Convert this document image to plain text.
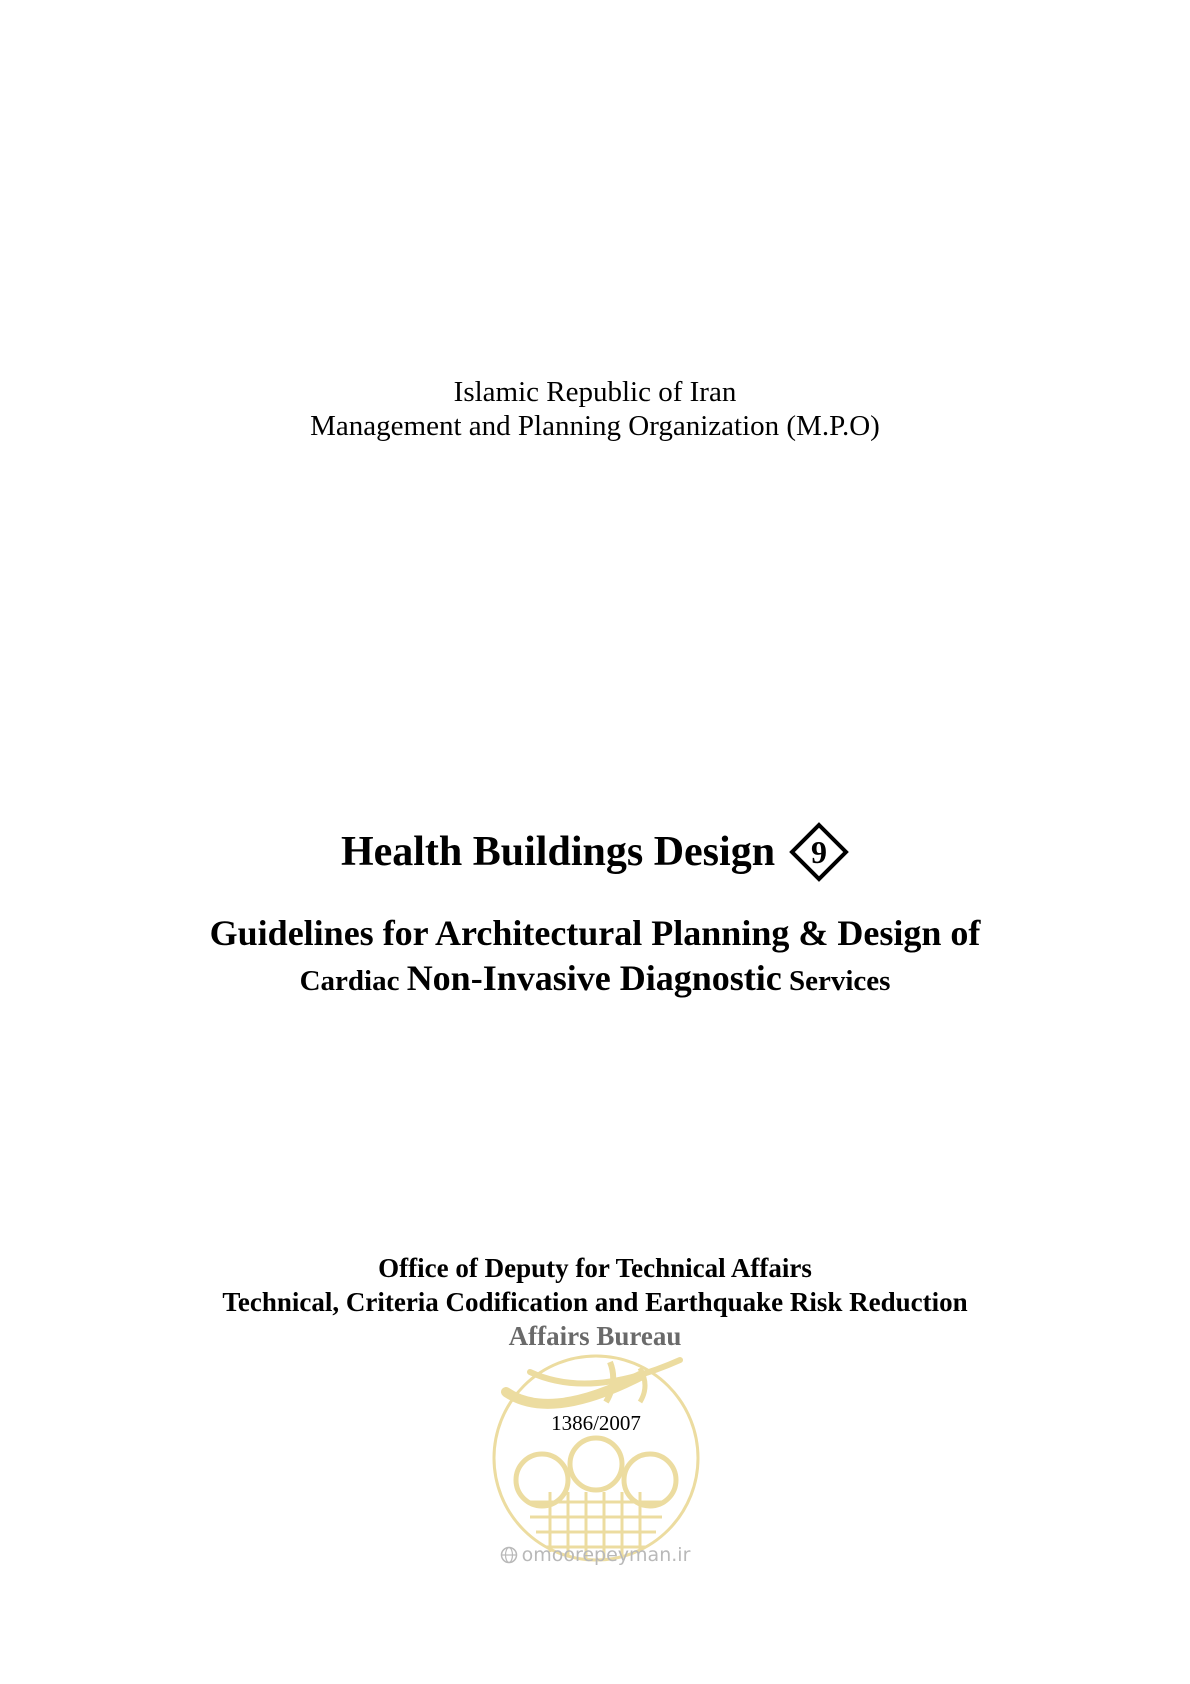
Islamic Republic of Iran
Management and Planning Organization (M.P.O)
Health Buildings Design	9
Guidelines for Architectural Planning & Design of
Cardiac Non-Invasive Diagnostic Services
Office of Deputy for Technical Affairs
Technical, Criteria Codification and Earthquake Risk Reduction
Affairs Bureau
1386/2007
omoorepeyman.ir
